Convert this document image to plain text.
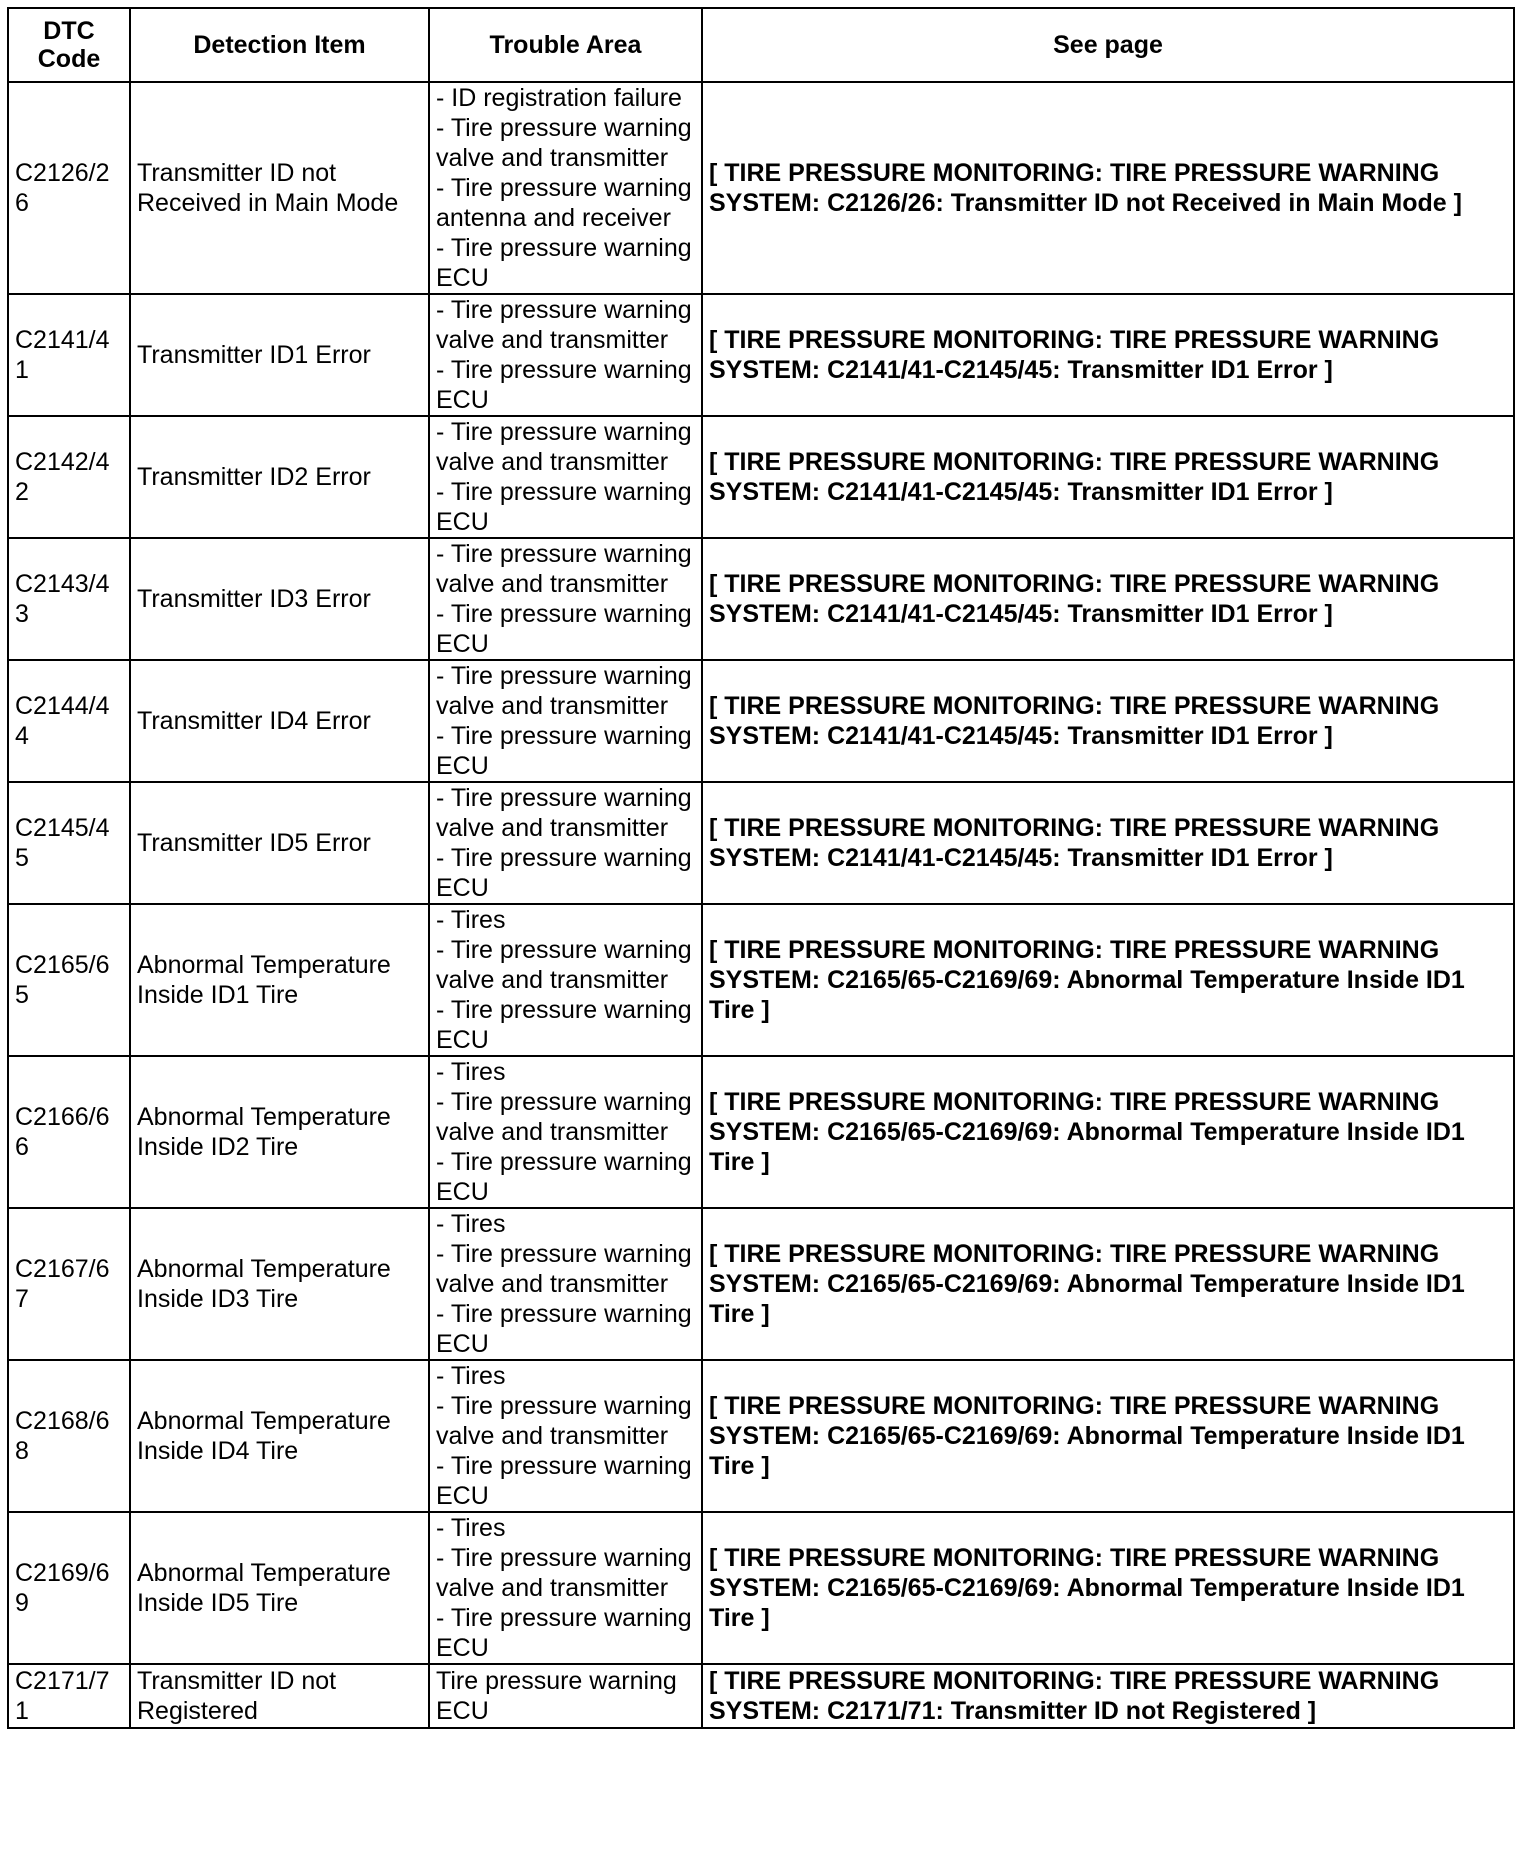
DTC Code	Detection Item	Trouble Area	See page
C2126/26	Transmitter ID not Received in Main Mode	- ID registration failure
- Tire pressure warning valve and transmitter
- Tire pressure warning antenna and receiver
- Tire pressure warning ECU	[ TIRE PRESSURE MONITORING: TIRE PRESSURE WARNING SYSTEM: C2126/26: Transmitter ID not Received in Main Mode ]
C2141/41	Transmitter ID1 Error	- Tire pressure warning valve and transmitter
- Tire pressure warning ECU	[ TIRE PRESSURE MONITORING: TIRE PRESSURE WARNING SYSTEM: C2141/41-C2145/45: Transmitter ID1 Error ]
C2142/42	Transmitter ID2 Error	- Tire pressure warning valve and transmitter
- Tire pressure warning ECU	[ TIRE PRESSURE MONITORING: TIRE PRESSURE WARNING SYSTEM: C2141/41-C2145/45: Transmitter ID1 Error ]
C2143/43	Transmitter ID3 Error	- Tire pressure warning valve and transmitter
- Tire pressure warning ECU	[ TIRE PRESSURE MONITORING: TIRE PRESSURE WARNING SYSTEM: C2141/41-C2145/45: Transmitter ID1 Error ]
C2144/44	Transmitter ID4 Error	- Tire pressure warning valve and transmitter
- Tire pressure warning ECU	[ TIRE PRESSURE MONITORING: TIRE PRESSURE WARNING SYSTEM: C2141/41-C2145/45: Transmitter ID1 Error ]
C2145/45	Transmitter ID5 Error	- Tire pressure warning valve and transmitter
- Tire pressure warning ECU	[ TIRE PRESSURE MONITORING: TIRE PRESSURE WARNING SYSTEM: C2141/41-C2145/45: Transmitter ID1 Error ]
C2165/65	Abnormal Temperature Inside ID1 Tire	- Tires
- Tire pressure warning valve and transmitter
- Tire pressure warning ECU	[ TIRE PRESSURE MONITORING: TIRE PRESSURE WARNING SYSTEM: C2165/65-C2169/69: Abnormal Temperature Inside ID1 Tire ]
C2166/66	Abnormal Temperature Inside ID2 Tire	- Tires
- Tire pressure warning valve and transmitter
- Tire pressure warning ECU	[ TIRE PRESSURE MONITORING: TIRE PRESSURE WARNING SYSTEM: C2165/65-C2169/69: Abnormal Temperature Inside ID1 Tire ]
C2167/67	Abnormal Temperature Inside ID3 Tire	- Tires
- Tire pressure warning valve and transmitter
- Tire pressure warning ECU	[ TIRE PRESSURE MONITORING: TIRE PRESSURE WARNING SYSTEM: C2165/65-C2169/69: Abnormal Temperature Inside ID1 Tire ]
C2168/68	Abnormal Temperature Inside ID4 Tire	- Tires
- Tire pressure warning valve and transmitter
- Tire pressure warning ECU	[ TIRE PRESSURE MONITORING: TIRE PRESSURE WARNING SYSTEM: C2165/65-C2169/69: Abnormal Temperature Inside ID1 Tire ]
C2169/69	Abnormal Temperature Inside ID5 Tire	- Tires
- Tire pressure warning valve and transmitter
- Tire pressure warning ECU	[ TIRE PRESSURE MONITORING: TIRE PRESSURE WARNING SYSTEM: C2165/65-C2169/69: Abnormal Temperature Inside ID1 Tire ]
C2171/71	Transmitter ID not Registered	Tire pressure warning ECU	[ TIRE PRESSURE MONITORING: TIRE PRESSURE WARNING SYSTEM: C2171/71: Transmitter ID not Registered ]
